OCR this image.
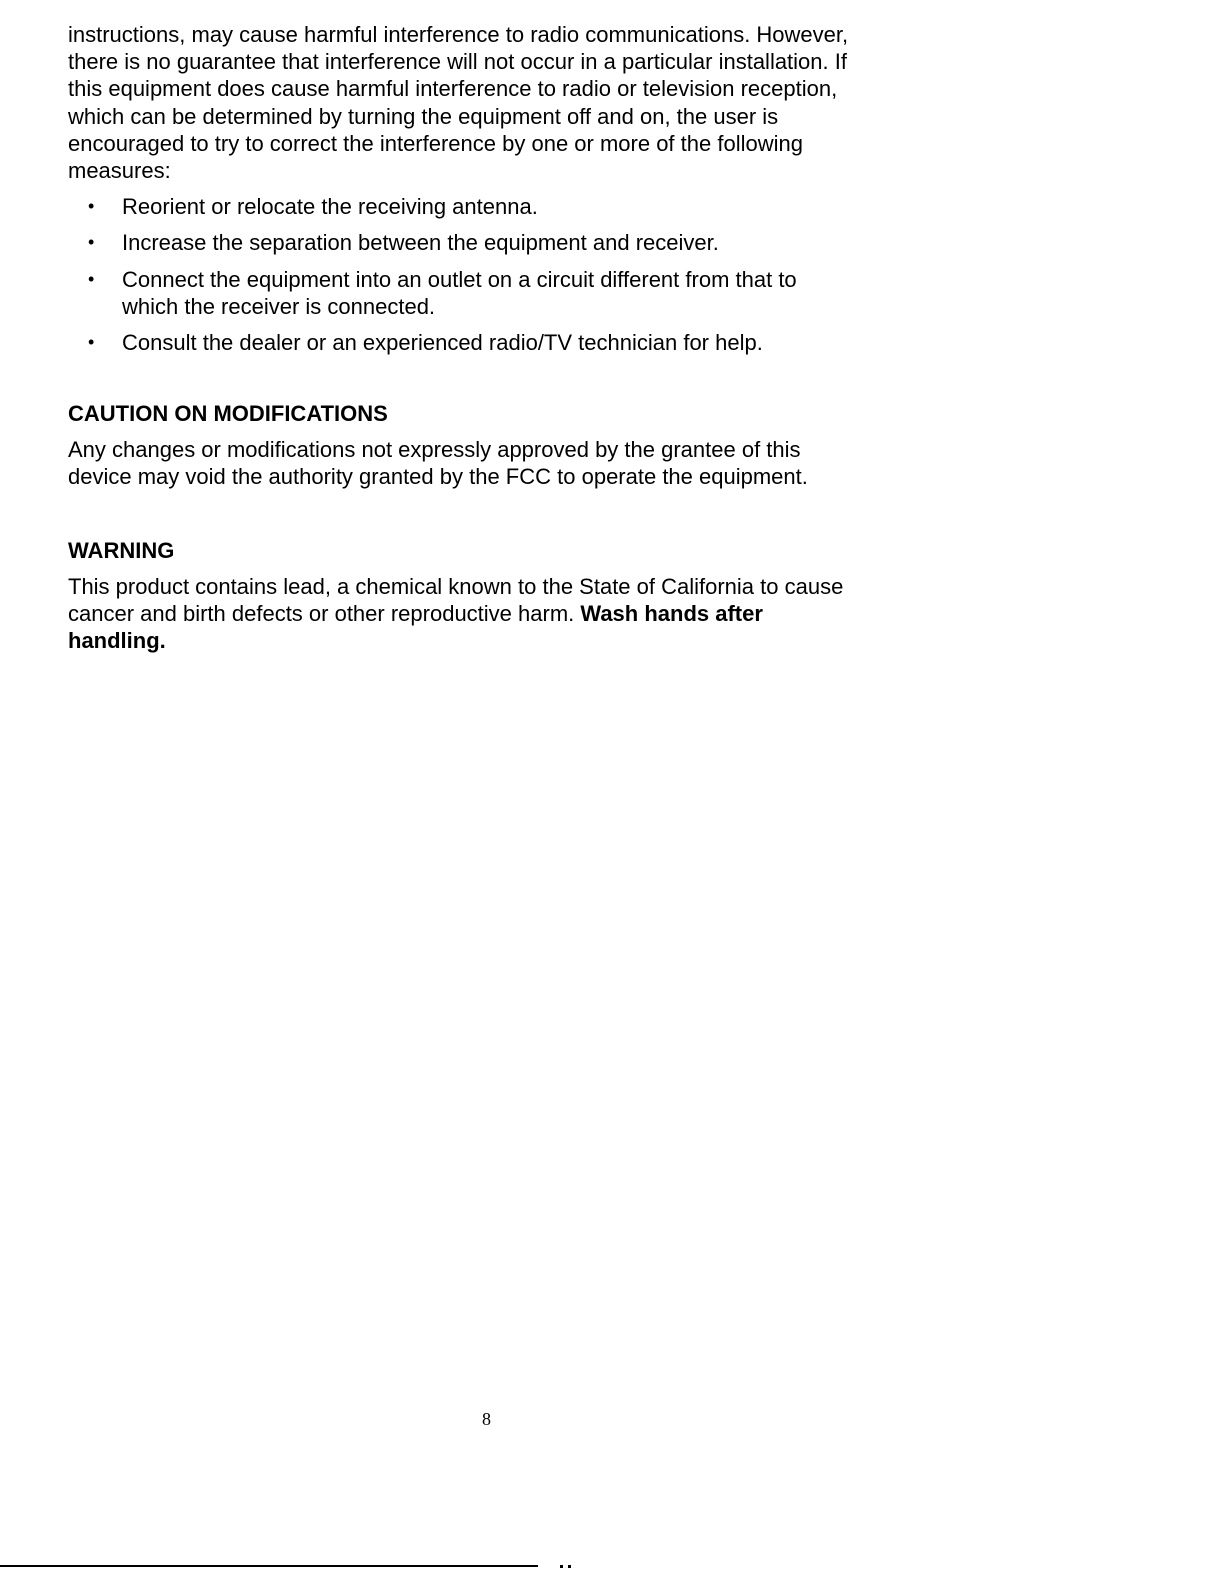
instructions, may cause harmful interference to radio communications. However,
there is no guarantee that interference will not occur in a particular installation. If
this equipment does cause harmful interference to radio or television reception,
which can be determined by turning the equipment off and on, the user is
encouraged to try to correct the interference by one or more of the following
measures:

• Reorient or relocate the receiving antenna.
• Increase the separation between the equipment and receiver.
• Connect the equipment into an outlet on a circuit different from that to
which the receiver is connected.
• Consult the dealer or an experienced radio/TV technician for help.
CAUTION ON MODIFICATIONS

Any changes or modifications not expressly approved by the grantee of this
device may void the authority granted by the FCC to operate the equipment.

WARNING

This product contains lead, a chemical known to the State of California to cause
cancer and birth defects or other reproductive harm. Wash hands after
handling.

8
